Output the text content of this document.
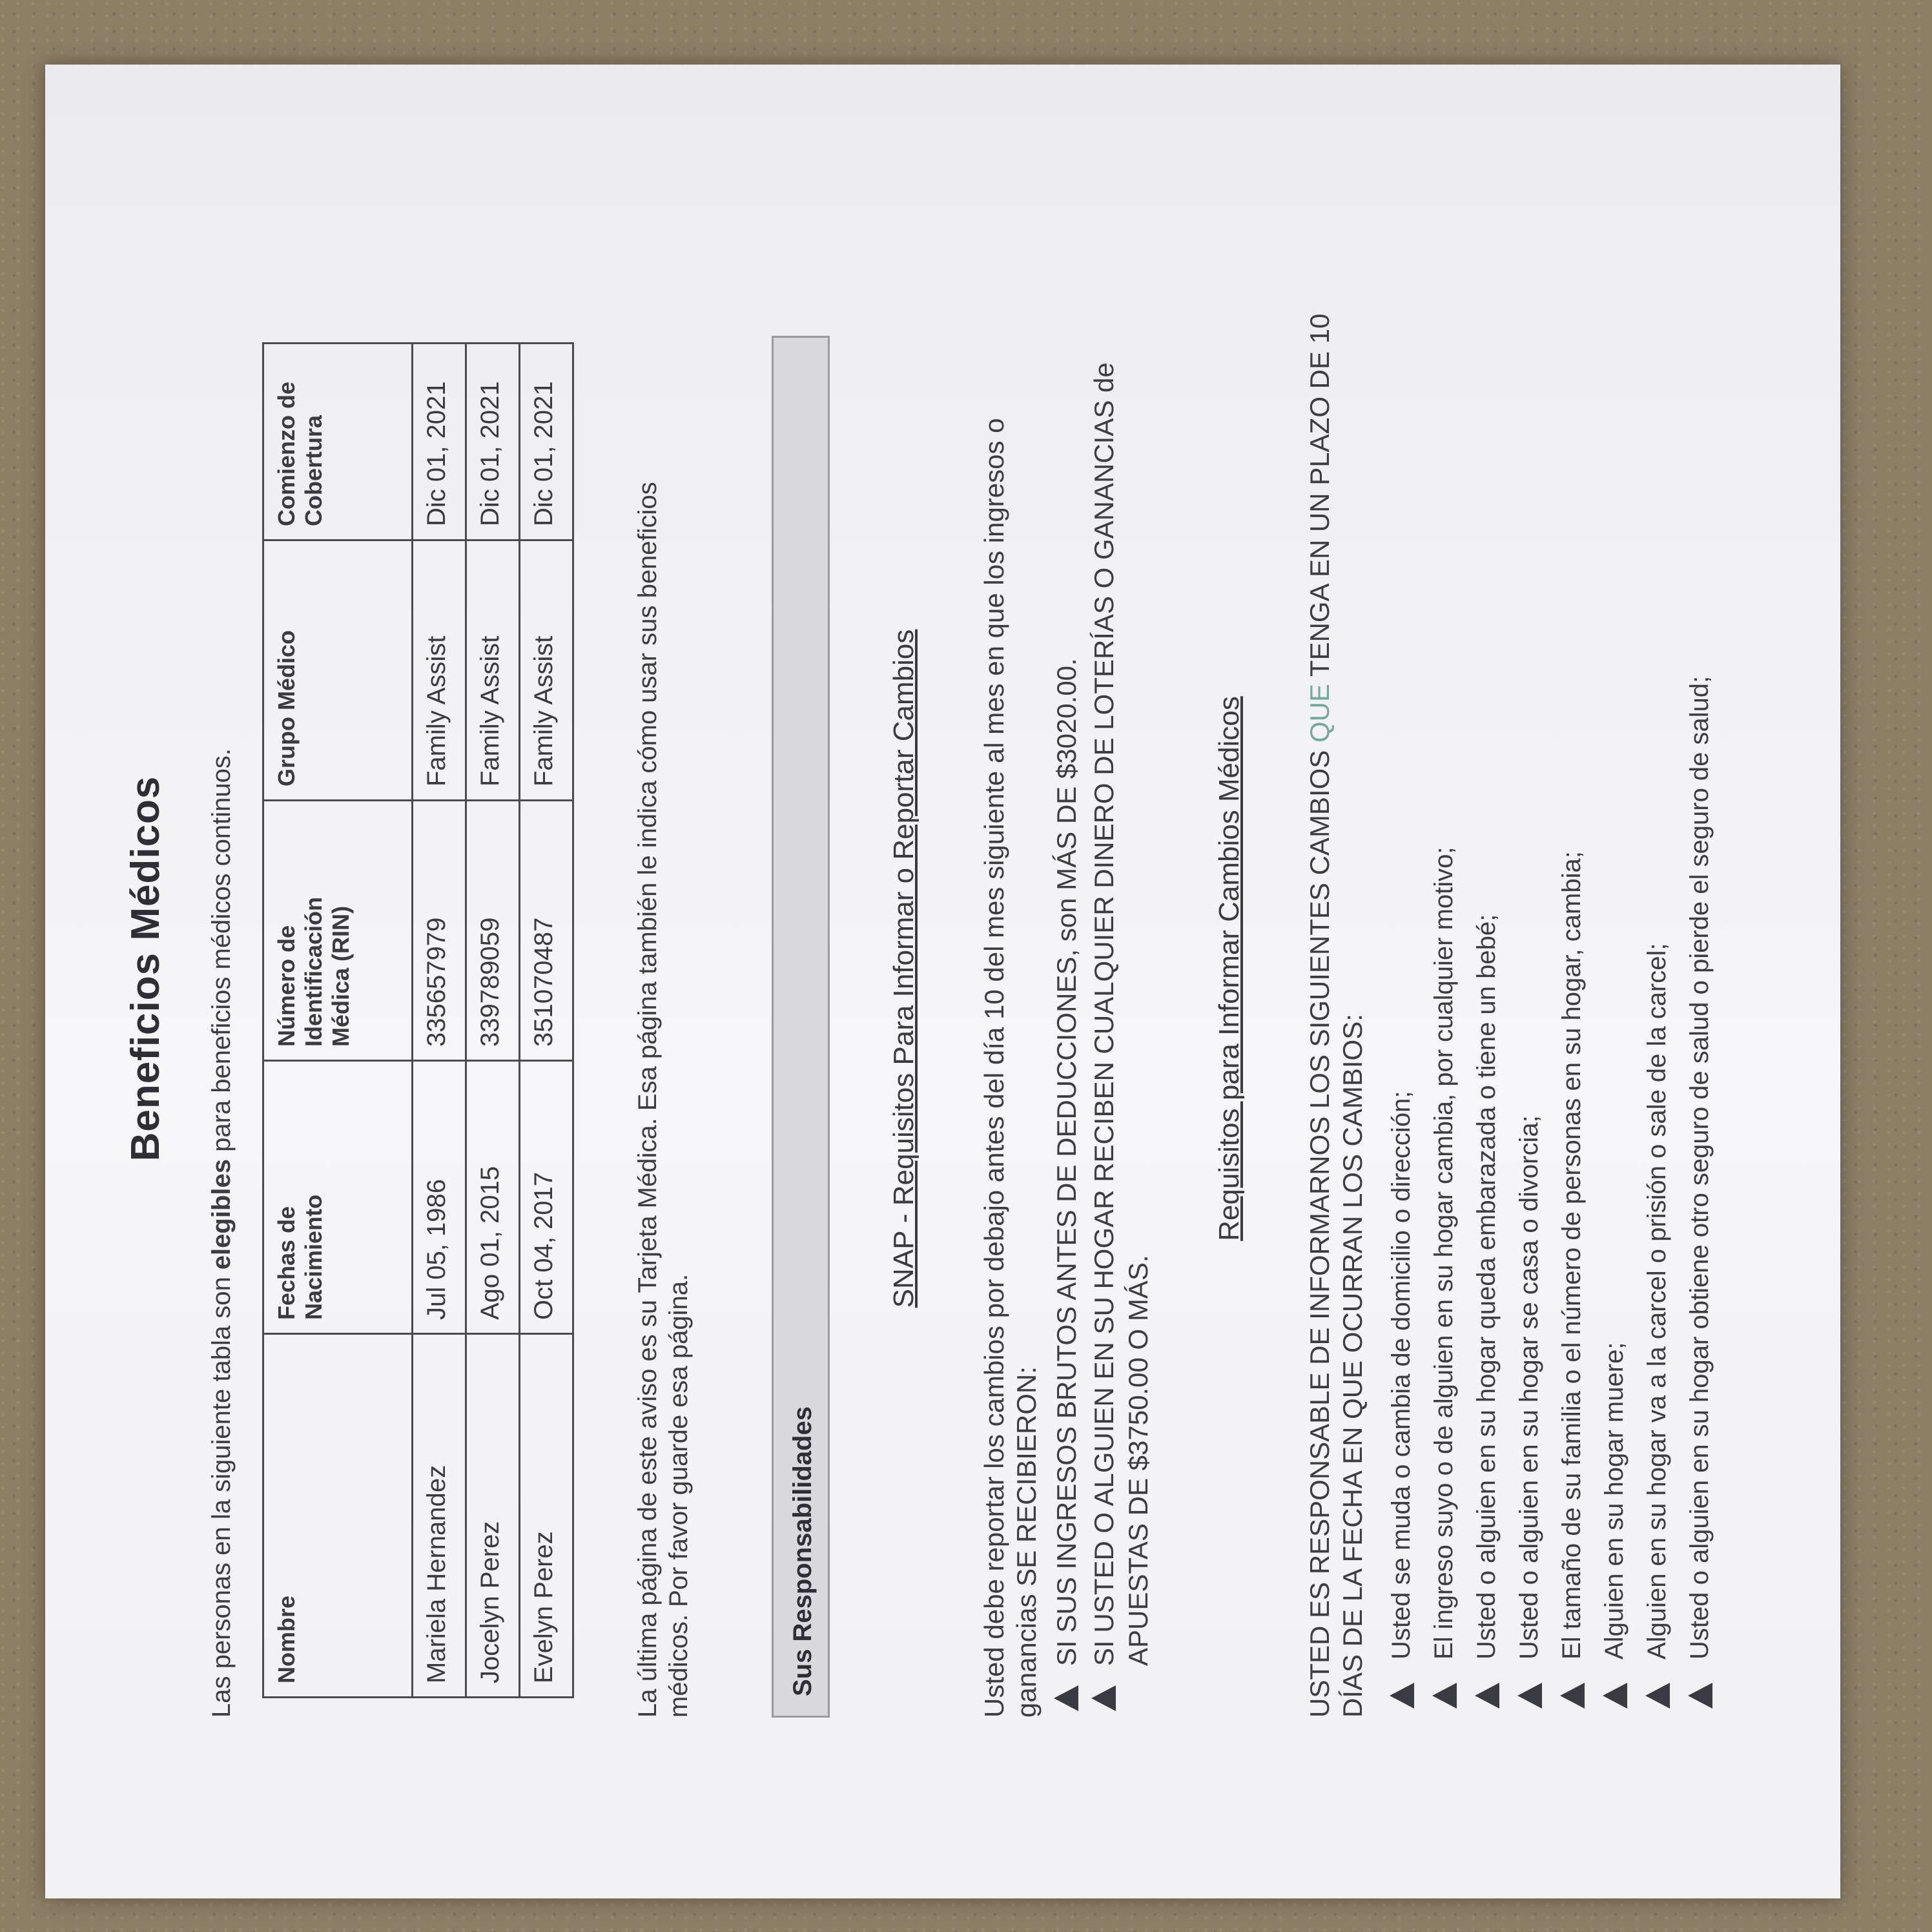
Beneficios Médicos
Las personas en la siguiente tabla son elegibles para beneficios médicos continuos.
Nombre	Fechas de Nacimiento	Número de Identificación Médica (RIN)	Grupo Médico	Comienzo de Cobertura
Mariela Hernandez	Jul 05, 1986	335657979	Family Assist	Dic 01, 2021
Jocelyn Perez	Ago 01, 2015	339789059	Family Assist	Dic 01, 2021
Evelyn Perez	Oct 04, 2017	351070487	Family Assist	Dic 01, 2021
La última página de este aviso es su Tarjeta Médica. Esa página también le indica cómo usar sus beneficios médicos. Por favor guarde esa página.	Sus Responsabilidades
SNAP - Requisitos Para Informar o Reportar Cambios Usted debe reportar los cambios por debajo antes del día 10 del mes siguiente al mes en que los ingresos o ganancias SE RECIBIERON: SI SUS INGRESOS BRUTOS ANTES DE DEDUCCIONES, son MÁS DE $3020.00. SI USTED O ALGUIEN EN SU HOGAR RECIBEN CUALQUIER DINERO DE LOTERÍAS O GANANCIAS de APUESTAS DE $3750.00 O MÁS.
Requisitos para Informar Cambios Médicos USTED ES RESPONSABLE DE INFORMARNOS LOS SIGUIENTES CAMBIOS QUE TENGA EN UN PLAZO DE 10 DÍAS DE LA FECHA EN QUE OCURRAN LOS CAMBIOS: Usted se muda o cambia de domicilio o dirección; El ingreso suyo o de alguien en su hogar cambia, por cualquier motivo; Usted o alguien en su hogar queda embarazada o tiene un bebé; Usted o alguien en su hogar se casa o divorcia; El tamaño de su familia o el número de personas en su hogar, cambia; Alguien en su hogar muere; Alguien en su hogar va a la carcel o prisión o sale de la carcel; Usted o alguien en su hogar obtiene otro seguro de salud o pierde el seguro de salud;
